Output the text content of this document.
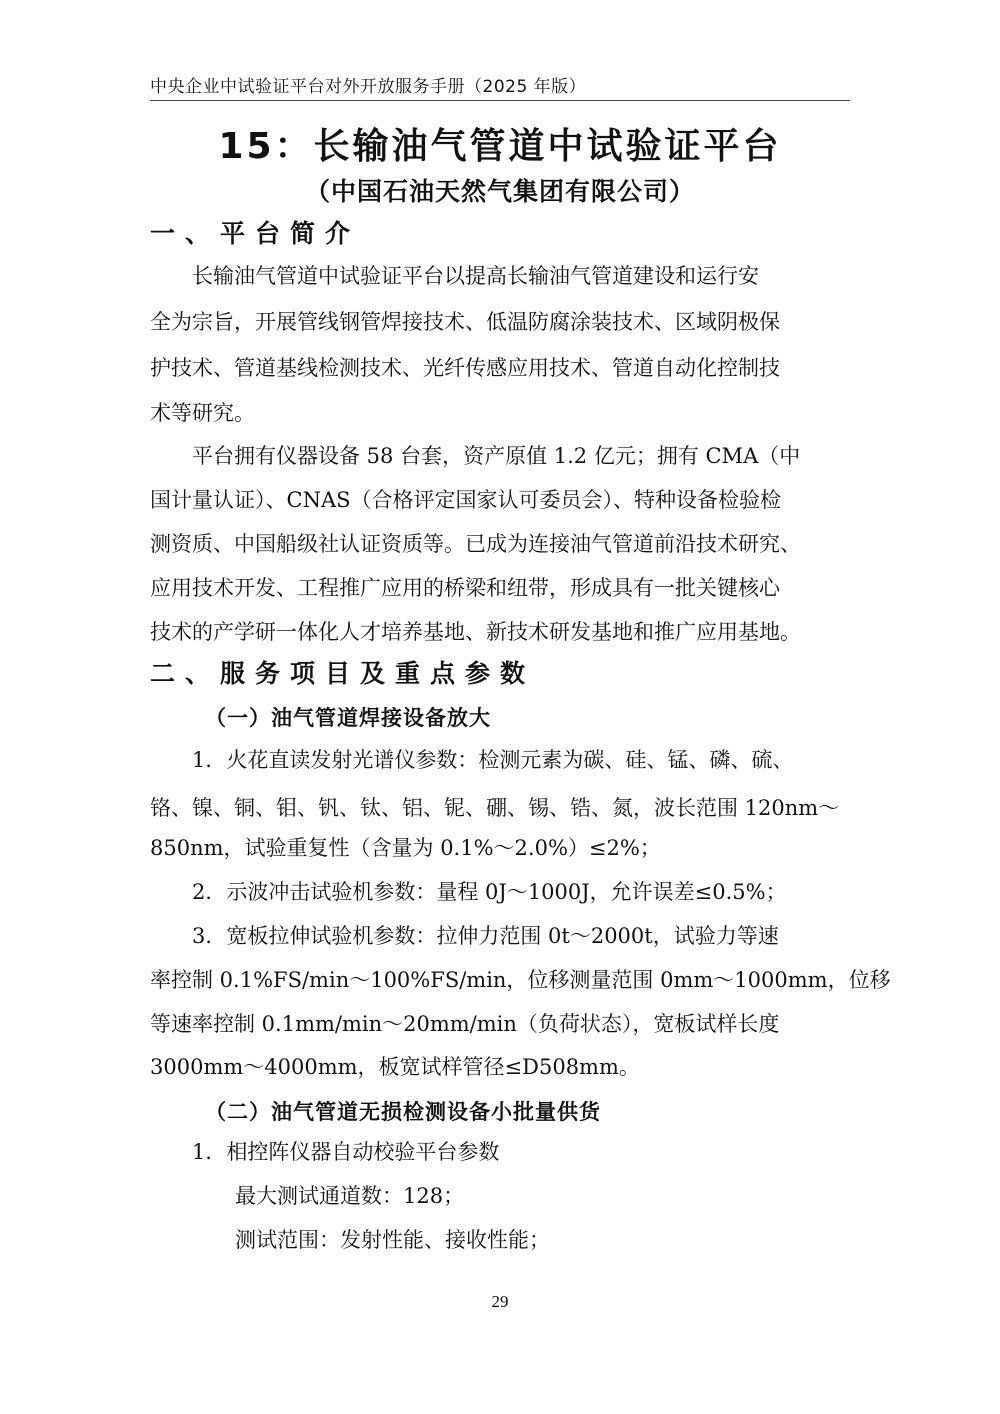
中央企业中试验证平台对外开放服务手册（2025 年版）
15：长输油气管道中试验证平台
（中国石油天然气集团有限公司）
一、平台简介
长输油气管道中试验证平台以提高长输油气管道建设和运行安
全为宗旨，开展管线钢管焊接技术、低温防腐涂装技术、区域阴极保
护技术、管道基线检测技术、光纤传感应用技术、管道自动化控制技
术等研究。
平台拥有仪器设备 58 台套，资产原值 1.2 亿元；拥有 CMA（中
国计量认证）、CNAS（合格评定国家认可委员会）、特种设备检验检
测资质、中国船级社认证资质等。已成为连接油气管道前沿技术研究、
应用技术开发、工程推广应用的桥梁和纽带，形成具有一批关键核心
技术的产学研一体化人才培养基地、新技术研发基地和推广应用基地。
二、服务项目及重点参数
（一）油气管道焊接设备放大
1．火花直读发射光谱仪参数：检测元素为碳、硅、锰、磷、硫、
铬、镍、铜、钼、钒、钛、铝、铌、硼、锡、锆、氮，波长范围 120nm～
850nm，试验重复性（含量为 0.1%～2.0%）≤2%；
2．示波冲击试验机参数：量程 0J～1000J，允许误差≤0.5%；
3．宽板拉伸试验机参数：拉伸力范围 0t～2000t，试验力等速
率控制 0.1%FS/min～100%FS/min，位移测量范围 0mm～1000mm，位移
等速率控制 0.1mm/min～20mm/min（负荷状态），宽板试样长度
3000mm～4000mm，板宽试样管径≤D508mm。
（二）油气管道无损检测设备小批量供货
1．相控阵仪器自动校验平台参数
最大测试通道数：128；
测试范围：发射性能、接收性能；
29
